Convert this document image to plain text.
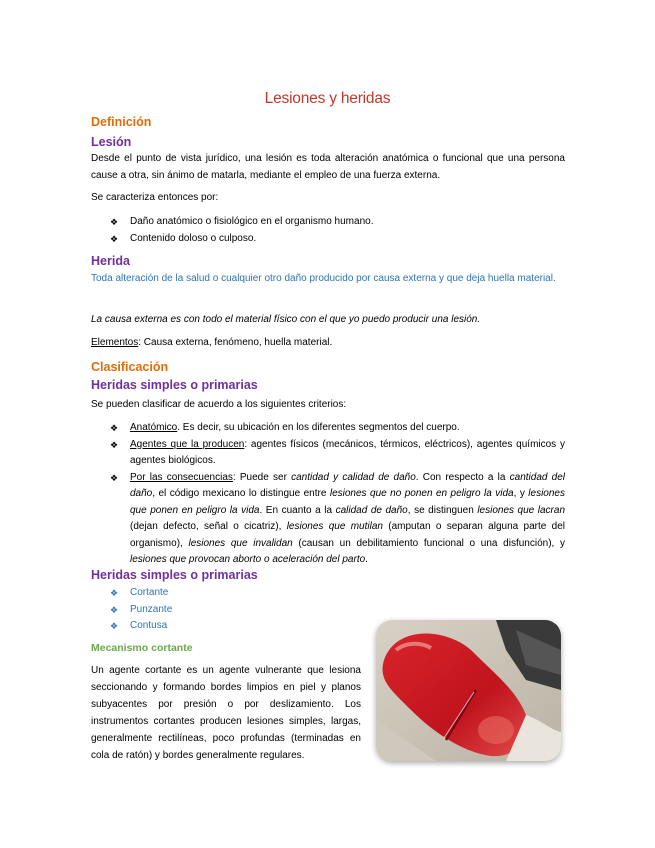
Lesiones y heridas
Definición
Lesión

Desde el punto de vista jurídico, una lesión es toda alteración anatómica o funcional que una persona cause a otra, sin ánimo de matarla, mediante el empleo de una fuerza externa.

Se caracteriza entonces por:

❖ Daño anatómico o fisiológico en el organismo humano.
❖ Contenido doloso o culposo.
Herida

Toda alteración de la salud o cualquier otro daño producido por causa externa y que deja huella material.

La causa externa es con todo el material físico con el que yo puedo producir una lesión.

Elementos: Causa externa, fenómeno, huella material.

Clasificación
Heridas simples o primarias

Se pueden clasificar de acuerdo a los siguientes criterios:

❖ Anatómico. Es decir, su ubicación en los diferentes segmentos del cuerpo.
❖ Agentes que la producen: agentes físicos (mecánicos, térmicos, eléctricos), agentes químicos y agentes biológicos.
❖ Por las consecuencias: Puede ser cantidad y calidad de daño. Con respecto a la cantidad del daño, el código mexicano lo distingue entre lesiones que no ponen en peligro la vida, y lesiones que ponen en peligro la vida. En cuanto a la calidad de daño, se distinguen lesiones que lacran (dejan defecto, señal o cicatriz), lesiones que mutilan (amputan o separan alguna parte del organismo), lesiones que invalidan (causan un debilitamiento funcional o una disfunción), y lesiones que provocan aborto o aceleración del parto.
Heridas simples o primarias
❖ Cortante
❖ Punzante
❖ Contusa
Mecanismo cortante

Un agente cortante es un agente vulnerante que lesiona seccionando y formando bordes limpios en piel y planos subyacentes por presión o por deslizamiento. Los instrumentos cortantes producen lesiones simples, largas, generalmente rectilíneas, poco profundas (terminadas en cola de ratón) y bordes generalmente regulares.
